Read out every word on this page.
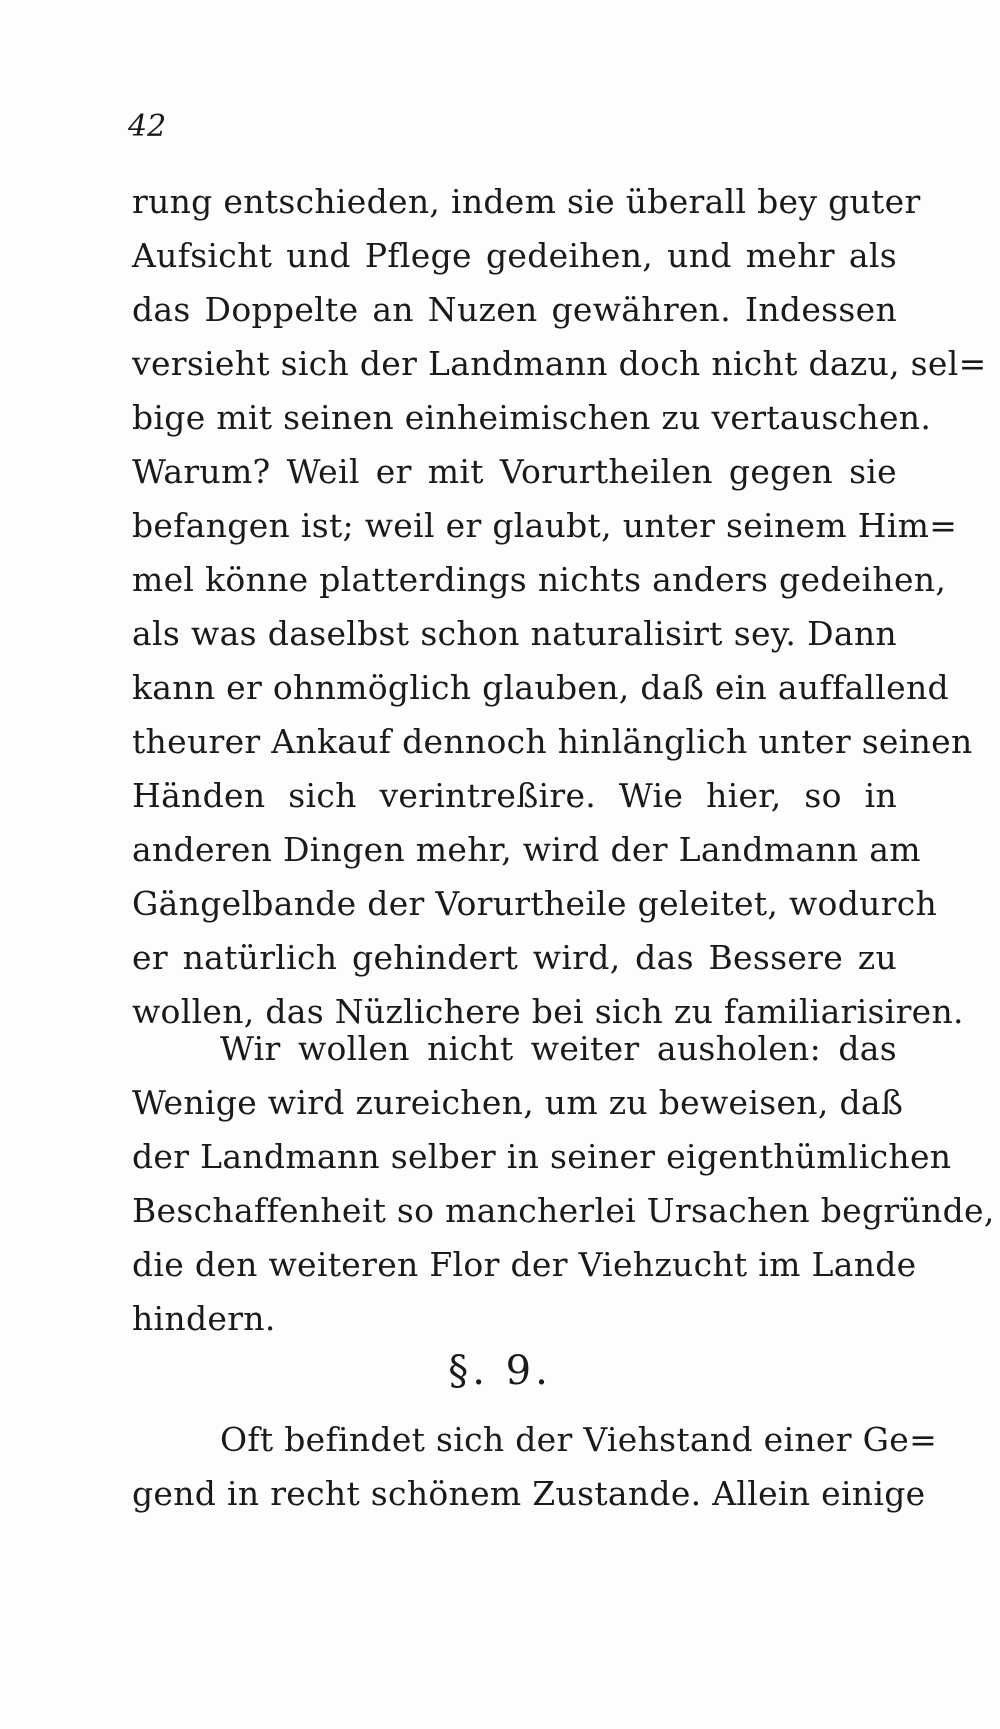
42
rung entschieden, indem sie überall bey guter
Aufsicht und Pflege gedeihen, und mehr als
das Doppelte an Nuzen gewähren. Indessen
versieht sich der Landmann doch nicht dazu, sel=
bige mit seinen einheimischen zu vertauschen.
Warum? Weil er mit Vorurtheilen gegen sie
befangen ist; weil er glaubt, unter seinem Him=
mel könne platterdings nichts anders gedeihen,
als was daselbst schon naturalisirt sey. Dann
kann er ohnmöglich glauben, daß ein auffallend
theurer Ankauf dennoch hinlänglich unter seinen
Händen sich verintreßire. Wie hier, so in
anderen Dingen mehr, wird der Landmann am
Gängelbande der Vorurtheile geleitet, wodurch
er natürlich gehindert wird, das Bessere zu
wollen, das Nüzlichere bei sich zu familiarisiren.
Wir wollen nicht weiter ausholen: das
Wenige wird zureichen, um zu beweisen, daß
der Landmann selber in seiner eigenthümlichen
Beschaffenheit so mancherlei Ursachen begründe,
die den weiteren Flor der Viehzucht im Lande
hindern.
§. 9.
Oft befindet sich der Viehstand einer Ge=
gend in recht schönem Zustande. Allein einige
